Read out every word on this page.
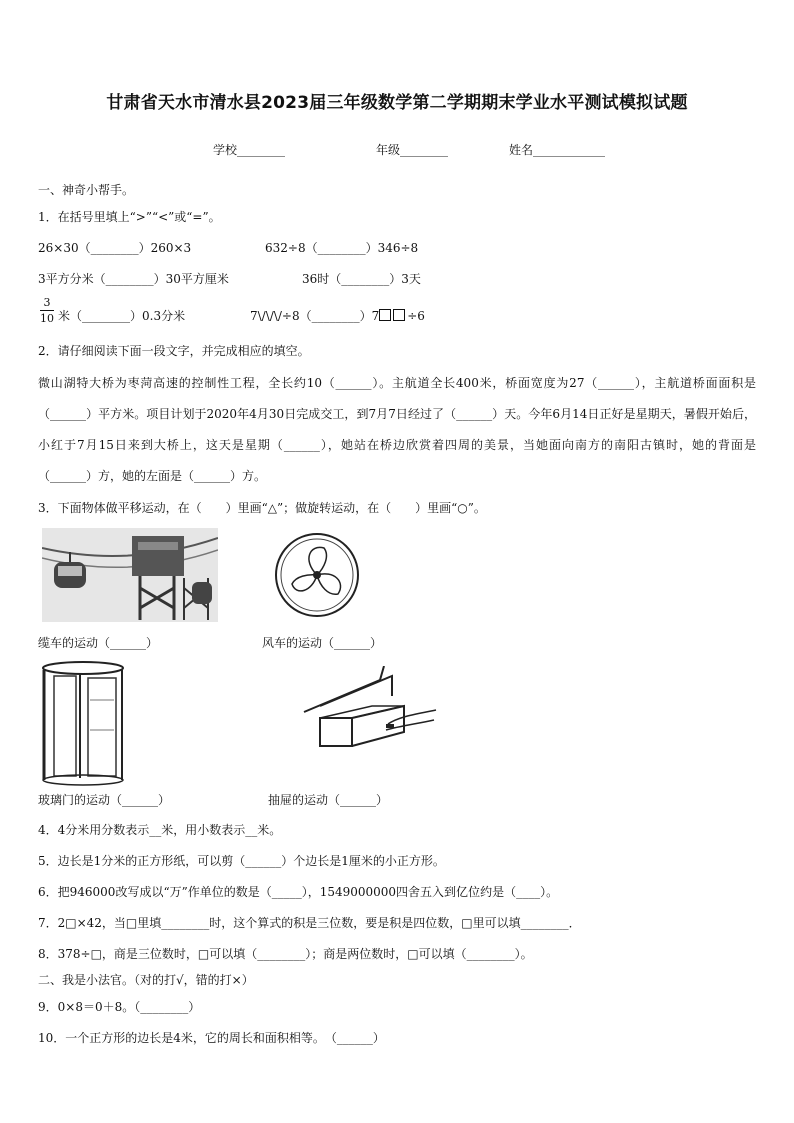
甘肃省天水市清水县2023届三年级数学第二学期期末学业水平测试模拟试题
学校________	年级________	姓名____________
一、神奇小帮手。
1．在括号里填上“>”“<”或“=”。
26×30（________）260×3	632÷8（________）346÷8
3平方分米（________）30平方厘米	36时（________）3天
3
10 米（________）0.3分米	7\/\/\/÷8（________）7 ÷6
2．请仔细阅读下面一段文字，并完成相应的填空。
微山湖特大桥为枣菏高速的控制性工程，全长约10（______）。主航道全长400米，桥面宽度为27（______），主航道桥面面积是（______）平方米。项目计划于2020年4月30日完成交工，到7月7日经过了（______）天。今年6月14日正好是星期天，暑假开始后，小红于7月15日来到大桥上，这天是星期（______），她站在桥边欣赏着四周的美景，当她面向南方的南阳古镇时，她的背面是（______）方，她的左面是（______）方。
3．下面物体做平移运动，在（　　）里画“△”；做旋转运动，在（　　）里画“○”。
缆车的运动（______）	风车的运动（______）
玻璃门的运动（______）	抽屉的运动（______）
4．4分米用分数表示__米，用小数表示__米。
5．边长是1分米的正方形纸，可以剪（______）个边长是1厘米的小正方形。
6．把946000改写成以“万”作单位的数是（_____），1549000000四舍五入到亿位约是（____）。
7．2□×42，当□里填________时，这个算式的积是三位数，要是积是四位数，□里可以填________．
8．378÷□，商是三位数时，□可以填（________）；商是两位数时，□可以填（________）。
二、我是小法官。（对的打√，错的打×）
9．0×8＝0＋8。（________）
10．一个正方形的边长是4米，它的周长和面积相等。　（______）
